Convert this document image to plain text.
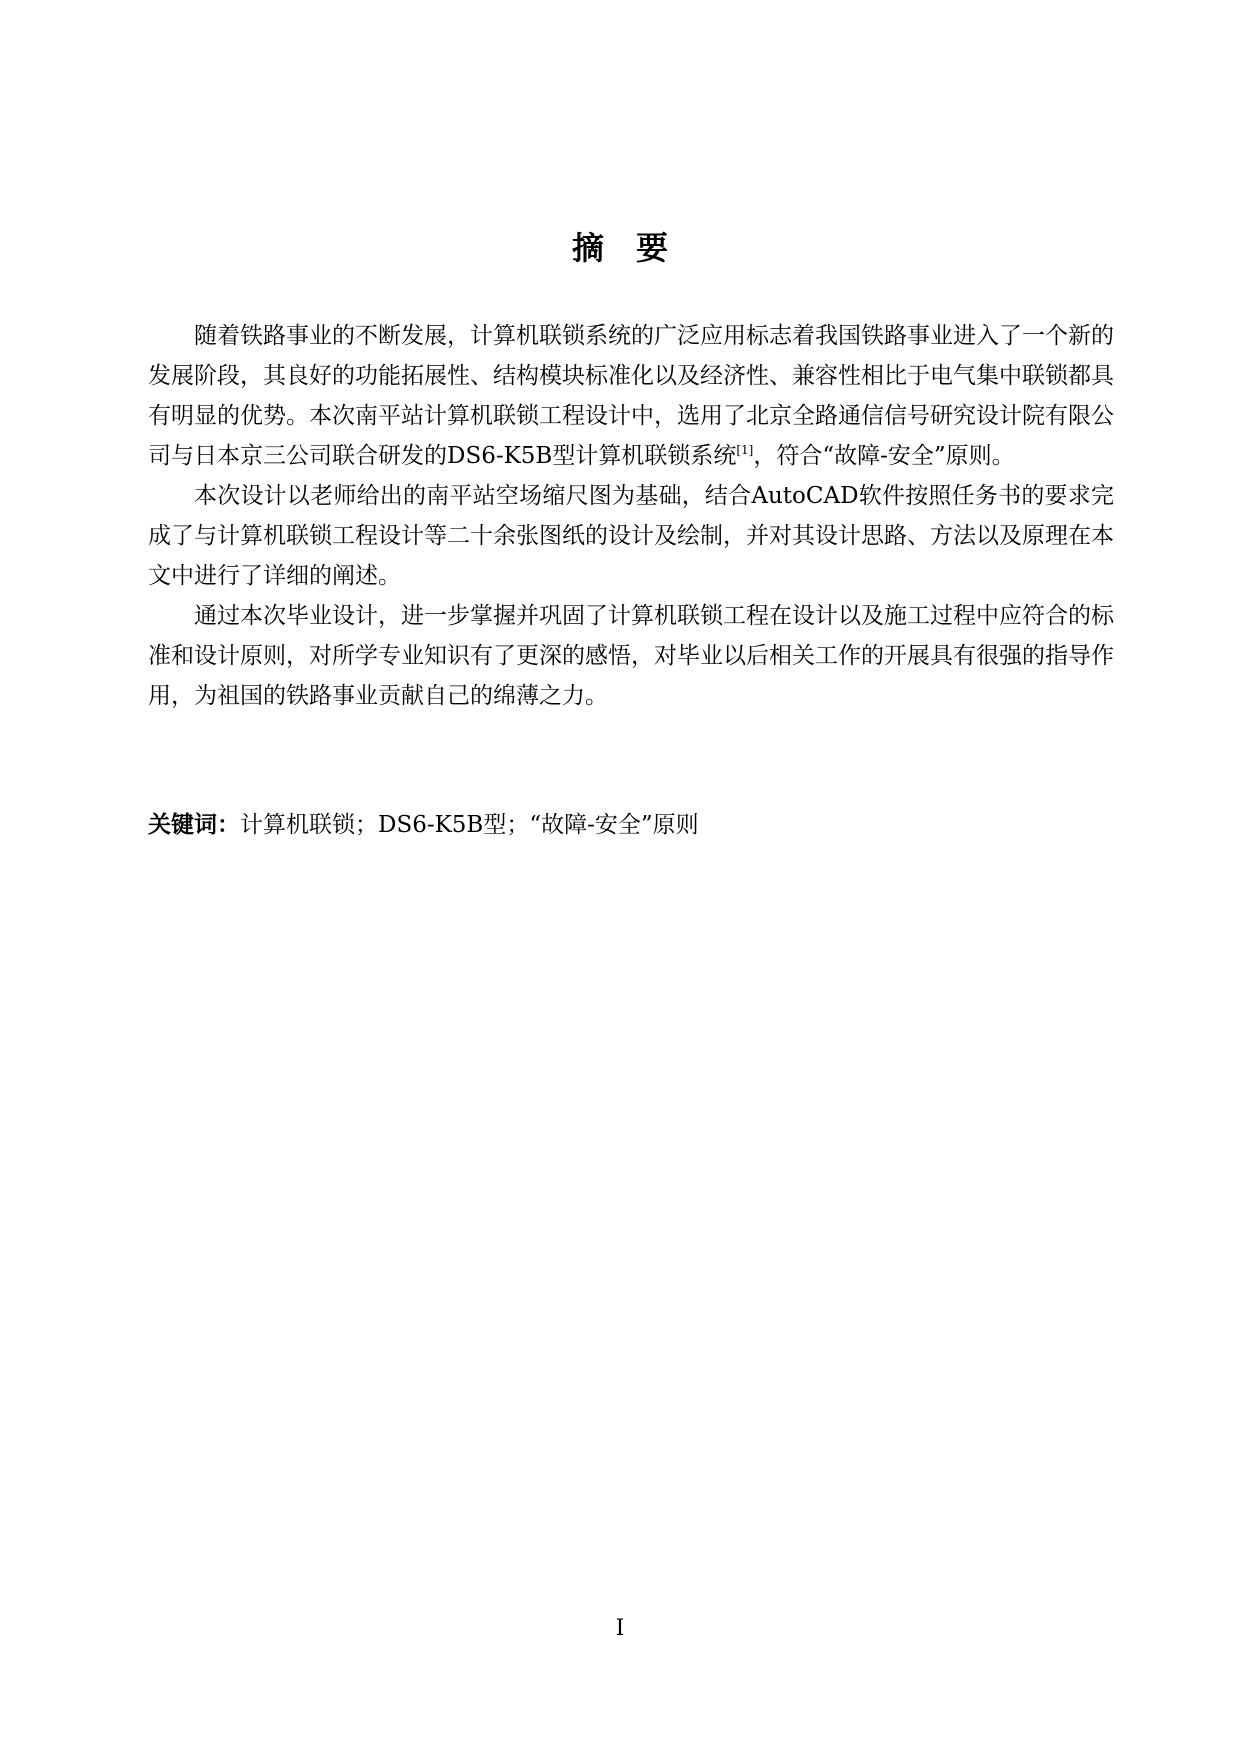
摘要

随着铁路事业的不断发展，计算机联锁系统的广泛应用标志着我国铁路事业进入了一个新的发展阶段，其良好的功能拓展性、结构模块标准化以及经济性、兼容性相比于电气集中联锁都具有明显的优势。本次南平站计算机联锁工程设计中，选用了北京全路通信信号研究设计院有限公司与日本京三公司联合研发的DS6-K5B型计算机联锁系统[1]，符合“故障-安全”原则。

本次设计以老师给出的南平站空场缩尺图为基础，结合AutoCAD软件按照任务书的要求完成了与计算机联锁工程设计等二十余张图纸的设计及绘制，并对其设计思路、方法以及原理在本文中进行了详细的阐述。

通过本次毕业设计，进一步掌握并巩固了计算机联锁工程在设计以及施工过程中应符合的标准和设计原则，对所学专业知识有了更深的感悟，对毕业以后相关工作的开展具有很强的指导作用，为祖国的铁路事业贡献自己的绵薄之力。

关键词：计算机联锁；DS6-K5B型；“故障-安全”原则
I
